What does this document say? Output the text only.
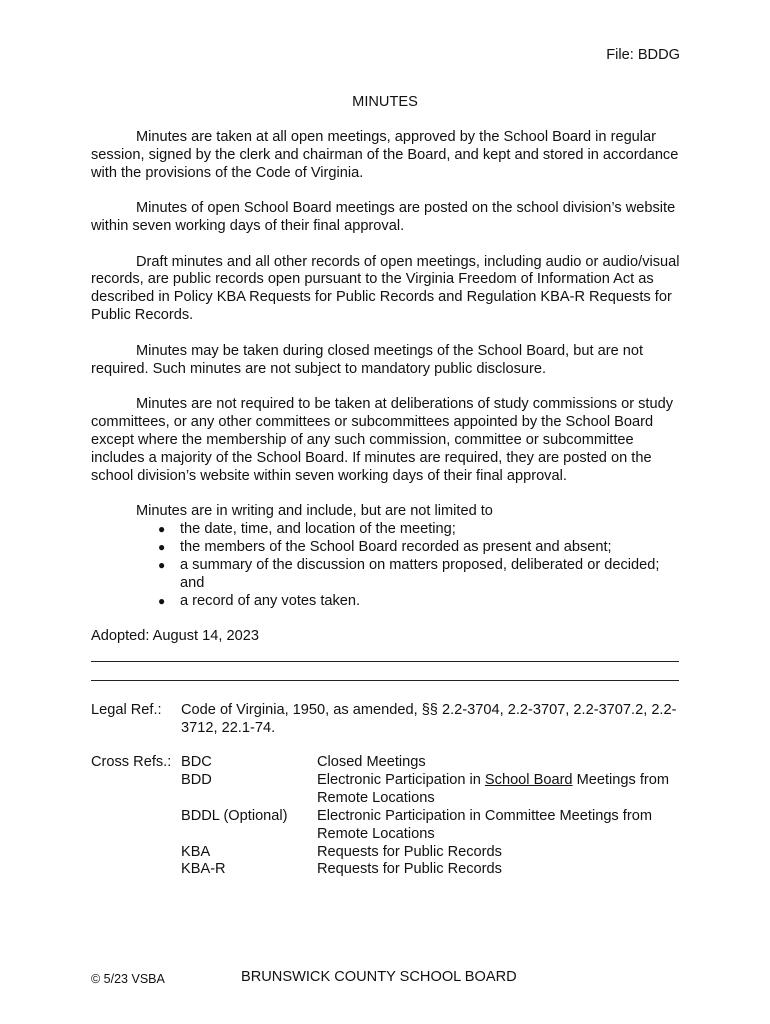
File: BDDG
MINUTES

Minutes are taken at all open meetings, approved by the School Board in regular session, signed by the clerk and chairman of the Board, and kept and stored in accordance with the provisions of the Code of Virginia.

Minutes of open School Board meetings are posted on the school division’s website within seven working days of their final approval.

Draft minutes and all other records of open meetings, including audio or audio/visual records, are public records open pursuant to the Virginia Freedom of Information Act as described in Policy KBA Requests for Public Records and Regulation KBA-R Requests for Public Records.

Minutes may be taken during closed meetings of the School Board, but are not required. Such minutes are not subject to mandatory public disclosure.

Minutes are not required to be taken at deliberations of study commissions or study committees, or any other committees or subcommittees appointed by the School Board except where the membership of any such commission, committee or subcommittee includes a majority of the School Board. If minutes are required, they are posted on the school division’s website within seven working days of their final approval.

Minutes are in writing and include, but are not limited to

● the date, time, and location of the meeting;
● the members of the School Board recorded as present and absent;
● a summary of the discussion on matters proposed, deliberated or decided; and
● a record of any votes taken.
Adopted: August 14, 2023
Legal Ref.: Code of Virginia, 1950, as amended, §§ 2.2-3704, 2.2-3707, 2.2-3707.2, 2.2-3712, 22.1-74.
Cross Refs.: BDC
BDD

BDDL (Optional)

KBA
KBA-R
Closed Meetings
Electronic Participation in School Board Meetings from Remote Locations
Electronic Participation in Committee Meetings from Remote Locations
Requests for Public Records
Requests for Public Records
© 5/23 VSBA	BRUNSWICK COUNTY SCHOOL BOARD
